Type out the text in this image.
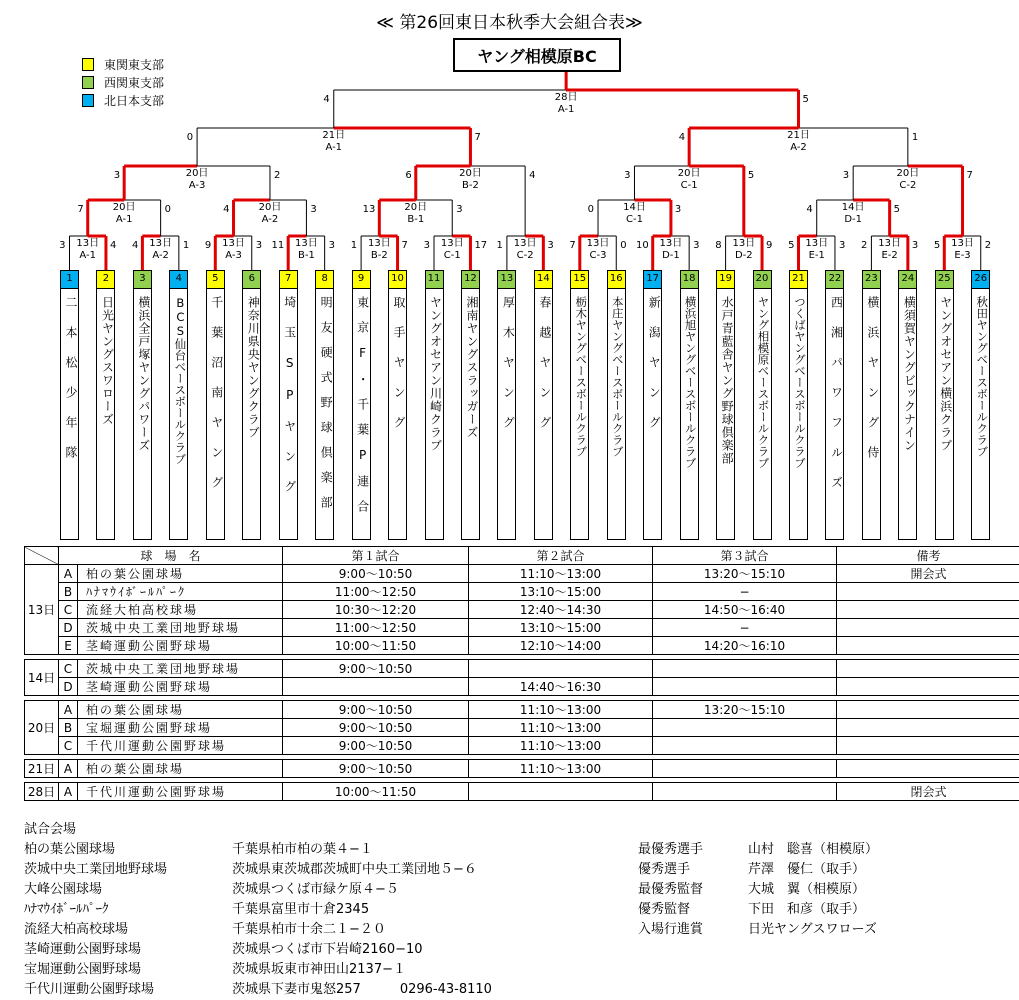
≪ 第26回東日本秋季大会組合表≫
ヤング相模原BC
東関東支部
西関東支部
北日本支部
13日
A-1
3	4	13日
A-2
4	1	13日
A-3
9	3	13日
B-1
11	3	13日
B-2
1	7	13日
C-1
3	17	13日
C-2
1	3	13日
C-3
7	0	13日
D-1
10	3	13日
D-2
8	9	13日
E-1
5	3	13日
E-2
2	3	13日
E-3
5	2
20日
A-1
7	0	20日
A-2
4	3	20日
B-1
13	3	14日
C-1
0	3	14日
D-1
4	5
20日
A-3
3	2	20日
B-2
6	4	20日
C-1
3	5	20日
C-2
3	7
21日
A-1
0	7	21日
A-2
4	1
28日
A-1
4	5
1
二本松少年隊
2
日光ヤングスワローズ
3
横浜全戸塚ヤングパワーズ
4
BCS仙台ベースボールクラブ
5
千葉沼南ヤング
6
神奈川県央ヤングクラブ
7
埼玉SPヤング
8
明友硬式野球倶楽部
9
東京F・千葉P連合
10
取手ヤング
11
ヤングオセアン川崎クラブ
12
湘南ヤングスラッガーズ
13
厚木ヤング
14
春越ヤング
15
栃木ヤングベースボールクラブ
16
本庄ヤングベースボールクラブ
17
新潟ヤング
18
横浜旭ヤングベースボールクラブ
19
水戸青藍舎ヤング野球倶楽部
20
ヤング相模原ベースボールクラブ
21
つくばヤングベースボールクラブ
22
西湘パワフルズ
23
横浜ヤング侍
24
横須賀ヤングビックナイン
25
ヤングオセアン横浜クラブ
26
秋田ヤングベースボールクラブ
	球　場　名		第１試合	第２試合	第３試合	備考
13日	A	柏の葉公園球場	9:00〜10:50	11:10〜13:00	13:20〜15:10	開会式
	B	ﾊﾅﾏｳｲﾎﾞｰﾙﾊﾟｰｸ	11:00〜12:50	13:10〜15:00	−	
	C	流経大柏高校球場	10:30〜12:20	12:40〜14:30	14:50〜16:40	
	D	茨城中央工業団地野球場	11:00〜12:50	13:10〜15:00	−	
	E	茎崎運動公園野球場	10:00〜11:50	12:10〜14:00	14:20〜16:10	

14日	C	茨城中央工業団地野球場	9:00〜10:50			
	D	茎崎運動公園野球場		14:40〜16:30		

20日	A	柏の葉公園球場	9:00〜10:50	11:10〜13:00	13:20〜15:10	
	B	宝堀運動公園野球場	9:00〜10:50	11:10〜13:00		
	C	千代川運動公園野球場	9:00〜10:50	11:10〜13:00		

21日	A	柏の葉公園球場	9:00〜10:50	11:10〜13:00		

28日	A	千代川運動公園野球場	10:00〜11:50			閉会式
試合会場
柏の葉公園球場	千葉県柏市柏の葉４−１
茨城中央工業団地野球場	茨城県東茨城郡茨城町中央工業団地５−６
大峰公園球場	茨城県つくば市緑ケ原４−５
ﾊﾅﾏｳｲﾎﾞｰﾙﾊﾟｰｸ	千葉県富里市十倉2345
流経大柏高校球場	千葉県柏市十余二１−２０
茎崎運動公園野球場	茨城県つくば市下岩崎2160−10
宝堀運動公園野球場	茨城県坂東市神田山2137−１
千代川運動公園野球場	茨城県下妻市鬼怒257　　　0296-43-8110
最優秀選手	山村　聡喜（相模原）
優秀選手	芹澤　優仁（取手）
最優秀監督	大城　翼（相模原）
優秀監督	下田　和彦（取手）
入場行進賞	日光ヤングスワローズ
